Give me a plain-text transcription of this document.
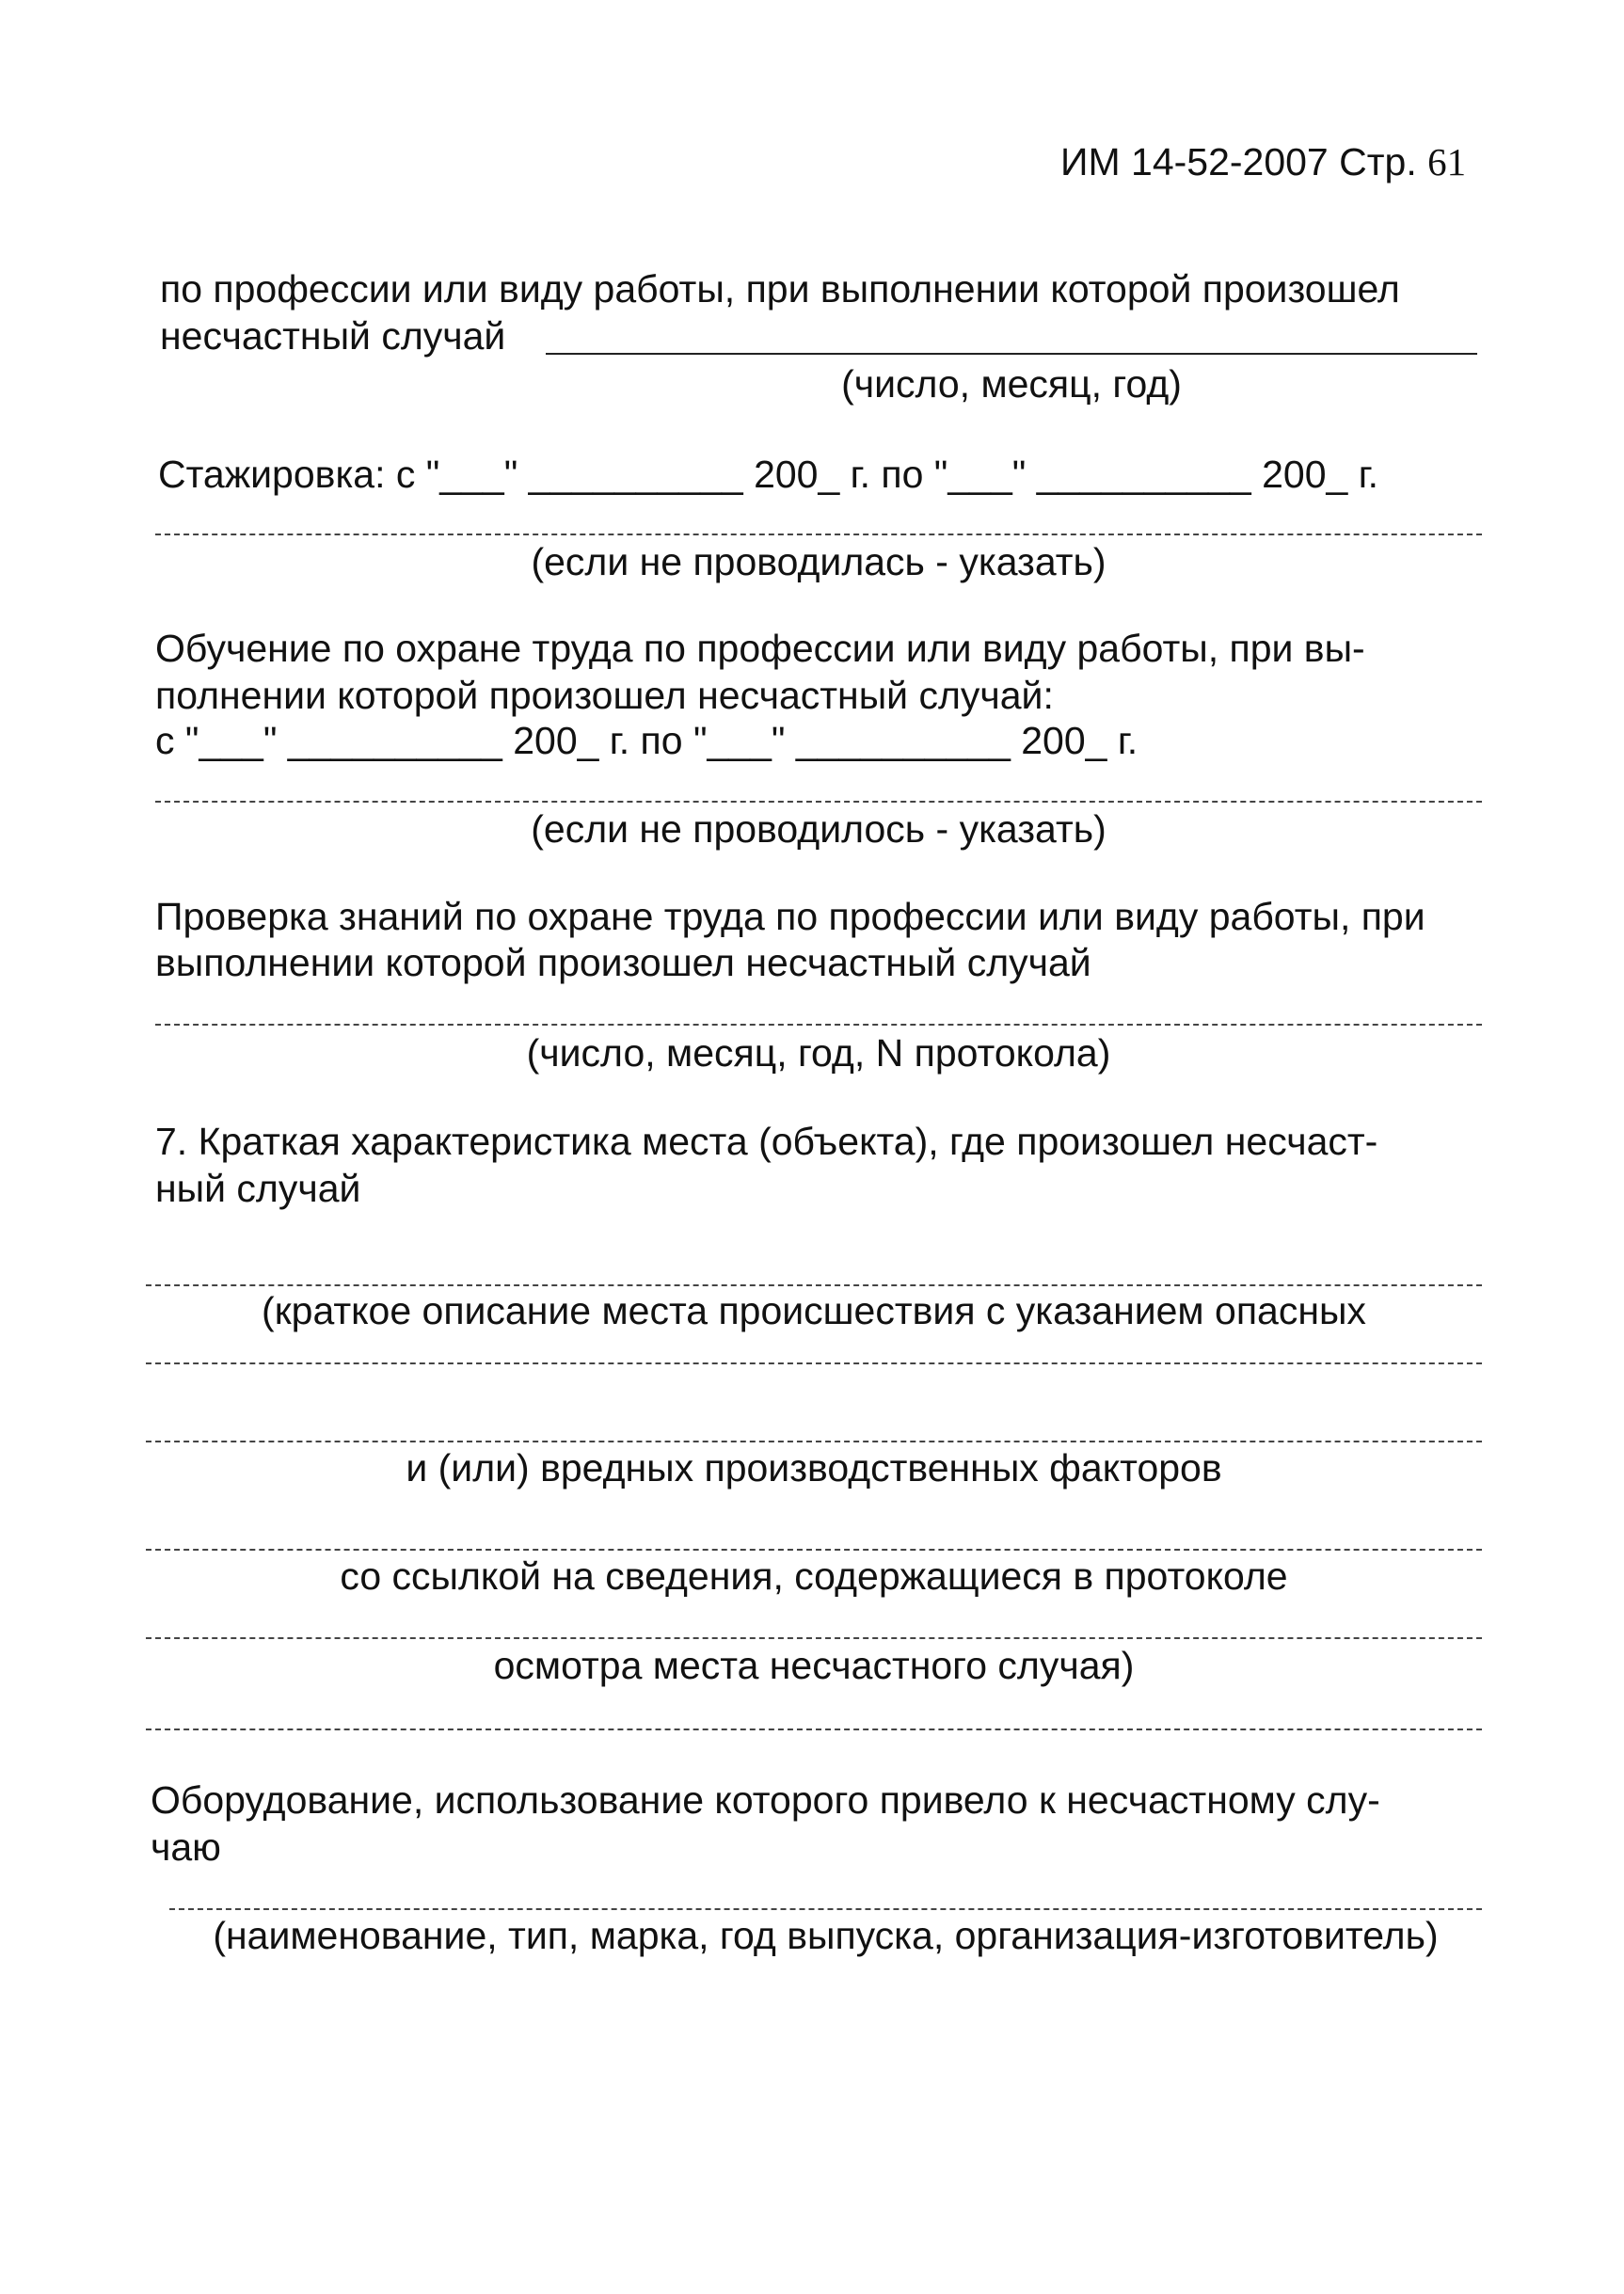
ИМ 14-52-2007 Стр. 61
по профессии или виду работы, при выполнении которой произошел
несчастный случай
(число, месяц, год)
Стажировка: с "___" __________ 200_ г. по "___" __________ 200_ г.
(если не проводилась - указать)
Обучение по охране труда по профессии или виду работы, при вы-
полнении которой произошел несчастный случай:
с "___" __________ 200_ г. по "___" __________ 200_ г.
(если не проводилось - указать)
Проверка знаний по охране труда по профессии или виду работы, при
выполнении которой произошел несчастный случай
(число, месяц, год, N протокола)
7. Краткая характеристика места (объекта), где произошел несчаст-
ный случай
(краткое описание места происшествия с указанием опасных
и (или) вредных производственных факторов
со ссылкой на сведения, содержащиеся в протоколе
осмотра места несчастного случая)
Оборудование, использование которого привело к несчастному слу-
чаю
(наименование, тип, марка, год выпуска, организация-изготовитель)
